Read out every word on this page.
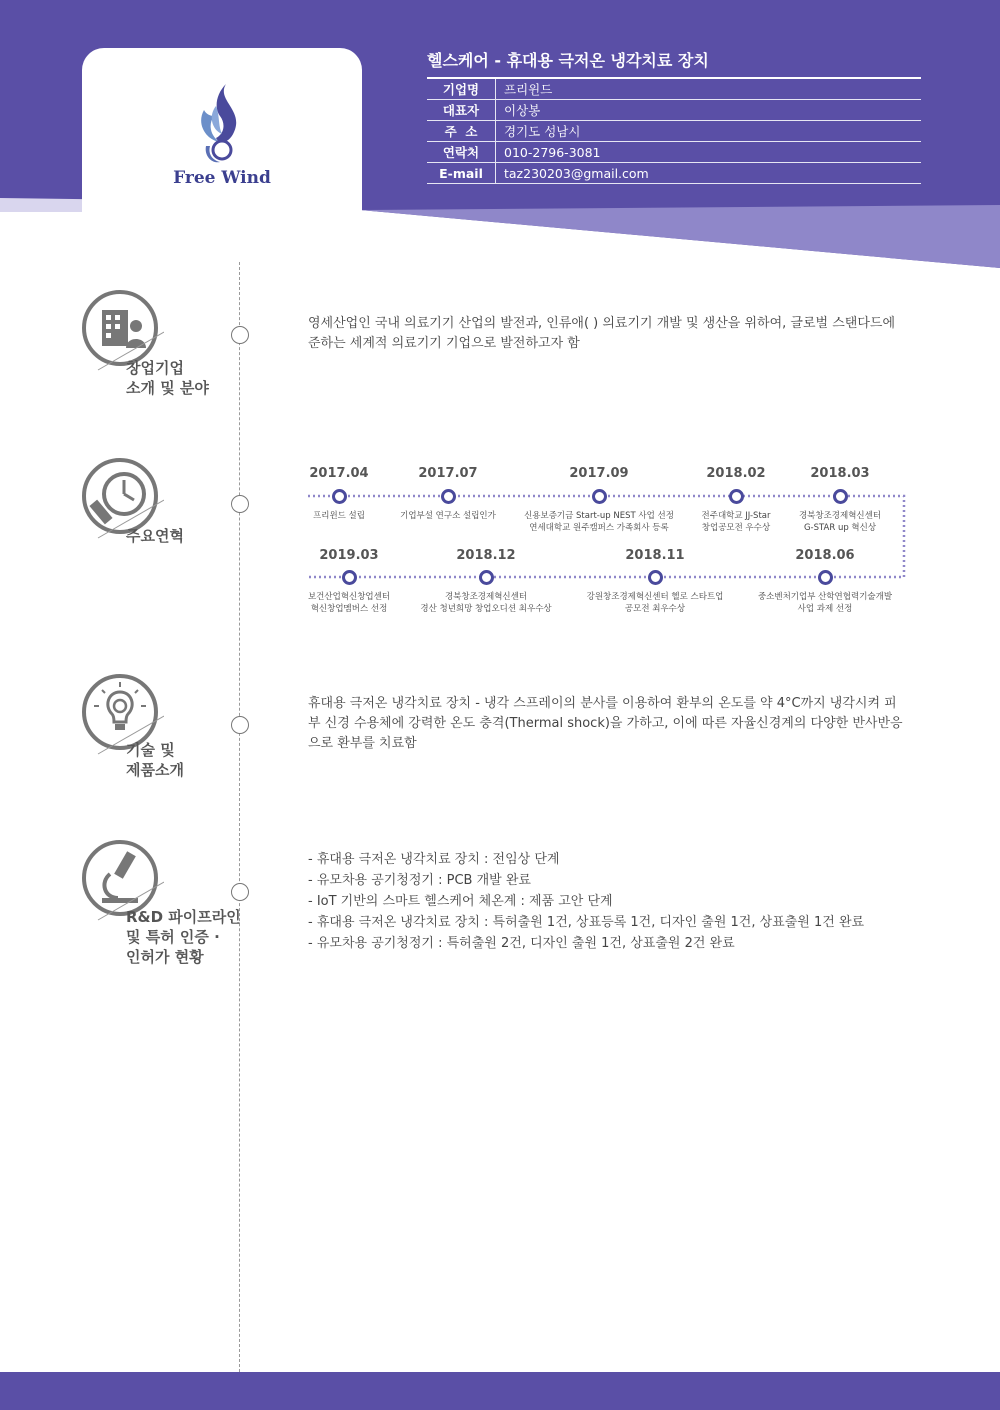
Free Wind
헬스케어 - 휴대용 극저온 냉각치료 장치
기업명	프리윈드
대표자	이상봉
주  소	경기도 성남시
연락처	010-2796-3081
E-mail	taz230203@gmail.com
창업기업
소개 및 분야
영세산업인 국내 의료기기 산업의 발전과, 인류애( ) 의료기기 개발 및 생산을 위하여, 글로벌 스탠다드에 준하는 세계적 의료기기 기업으로 발전하고자 함
주요연혁
2017.04
프리윈드 설립
2017.07
기업부설 연구소 설립인가
2017.09
신용보증기금 Start-up NEST 사업 선정
연세대학교 원주캠퍼스 가족회사 등록
2018.02
전주대학교 JJ-Star
창업공모전 우수상
2018.03
경북창조경제혁신센터
G-STAR up 혁신상
2019.03
보건산업혁신창업센터
혁신창업멤버스 선정
2018.12
경북창조경제혁신센터
경산 청년희망 창업오디션 최우수상
2018.11
강원창조경제혁신센터 헬로 스타트업
공모전 최우수상
2018.06
중소벤처기업부 산학연협력기술개발
사업 과제 선정
기술 및
제품소개
휴대용 극저온 냉각치료 장치 - 냉각 스프레이의 분사를 이용하여 환부의 온도를 약 4°C까지 냉각시켜 피부 신경 수용체에 강력한 온도 충격(Thermal shock)을 가하고, 이에 따른 자율신경계의 다양한 반사반응으로 환부를 치료함
R&D 파이프라인
및 특허 인증 ·
인허가 현황
- 휴대용 극저온 냉각치료 장치 : 전임상 단계
- 유모차용 공기청정기 : PCB 개발 완료
- IoT 기반의 스마트 헬스케어 체온계 : 제품 고안 단계
- 휴대용 극저온 냉각치료 장치 : 특허출원 1건, 상표등록 1건, 디자인 출원 1건, 상표출원 1건 완료
- 유모차용 공기청정기 : 특허출원 2건, 디자인 출원 1건, 상표출원 2건 완료
